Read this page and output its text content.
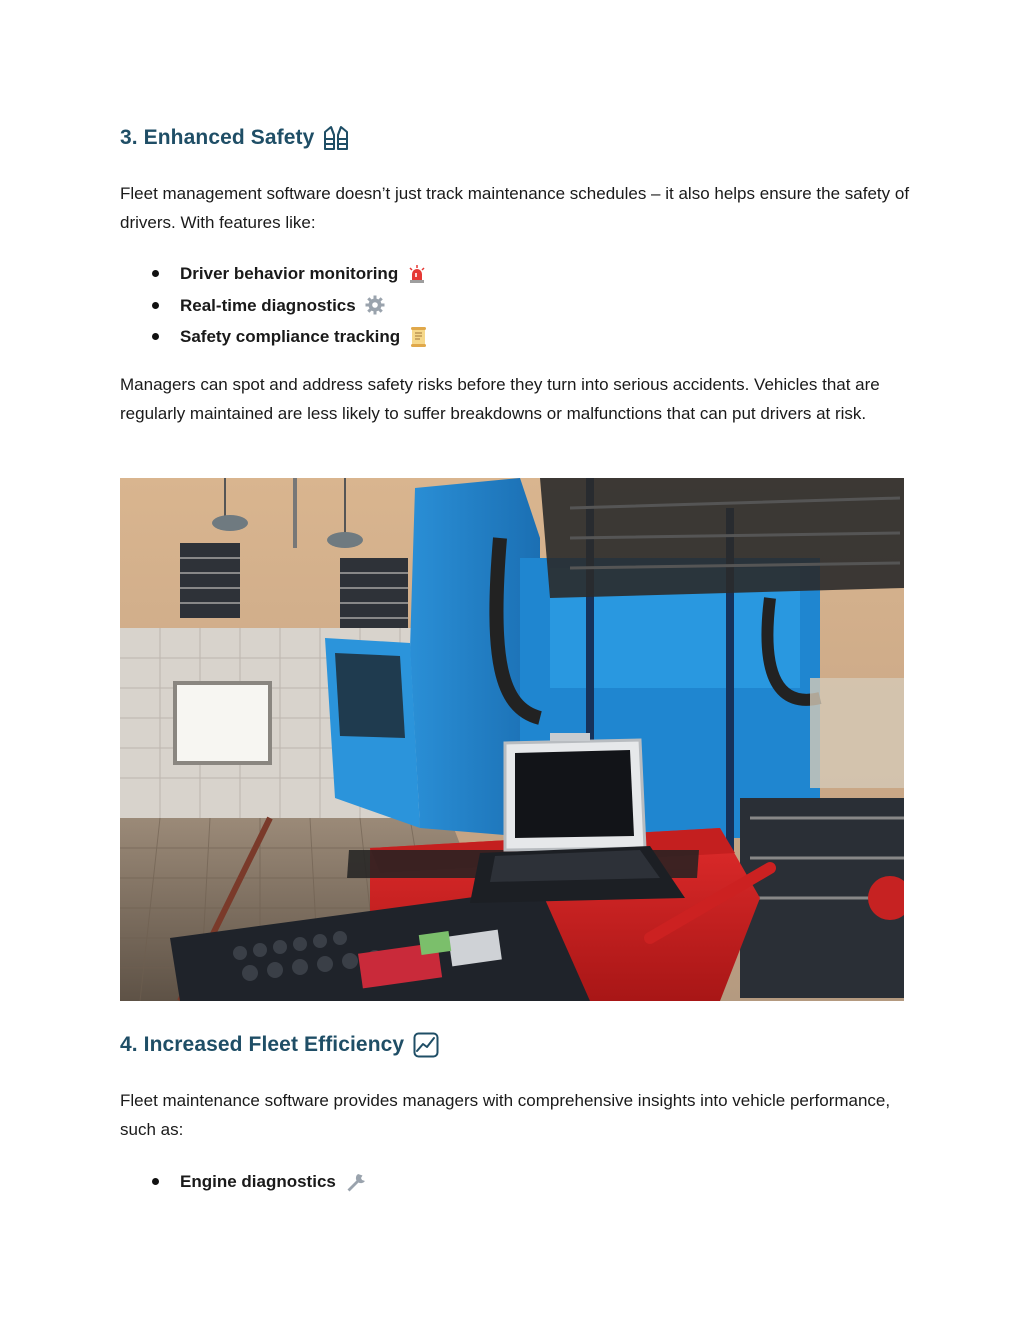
3. Enhanced Safety

Fleet management software doesn’t just track maintenance schedules – it also helps ensure the safety of drivers. With features like:

Driver behavior monitoring
Real-time diagnostics
Safety compliance tracking

Managers can spot and address safety risks before they turn into serious accidents. Vehicles that are regularly maintained are less likely to suffer breakdowns or malfunctions that can put drivers at risk.

4. Increased Fleet Efficiency

Fleet maintenance software provides managers with comprehensive insights into vehicle performance, such as:

Engine diagnostics
